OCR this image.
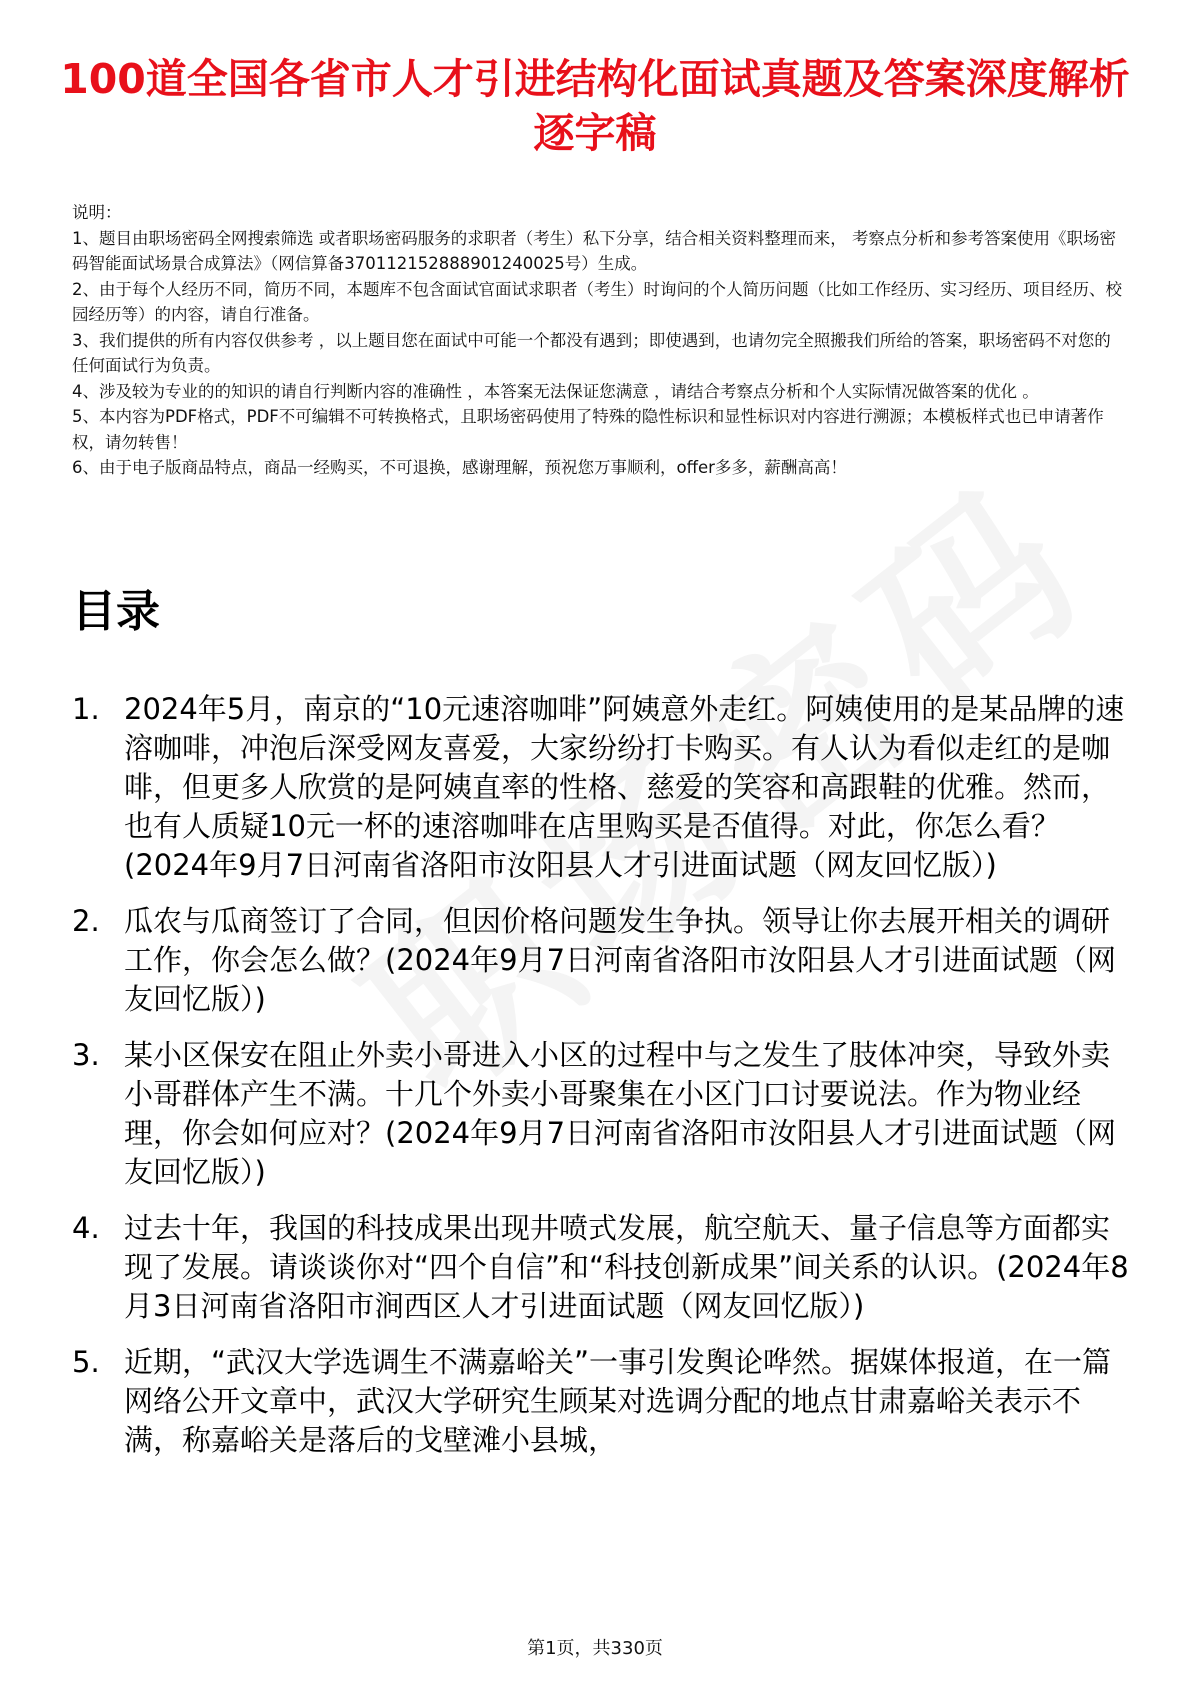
100道全国各省市人才引进结构化面试真题及答案深度解析逐字稿

说明：

1、题目由职场密码全网搜索筛选 或者职场密码服务的求职者（考生）私下分享，结合相关资料整理而来， 考察点分析和参考答案使用《职场密码智能面试场景合成算法》（网信算备370112152888901240025号）生成。

2、由于每个人经历不同，简历不同，本题库不包含面试官面试求职者（考生）时询问的个人简历问题（比如工作经历、实习经历、项目经历、校园经历等）的内容，请自行准备。

3、我们提供的所有内容仅供参考 ，以上题目您在面试中可能一个都没有遇到；即使遇到，也请勿完全照搬我们所给的答案，职场密码不对您的任何面试行为负责。

4、涉及较为专业的的知识的请自行判断内容的准确性 ，本答案无法保证您满意 ，请结合考察点分析和个人实际情况做答案的优化 。

5、本内容为PDF格式，PDF不可编辑不可转换格式，且职场密码使用了特殊的隐性标识和显性标识对内容进行溯源；本模板样式也已申请著作权，请勿转售！

6、由于电子版商品特点，商品一经购买，不可退换，感谢理解，预祝您万事顺利，offer多多，薪酬高高！

目录
1. 2024年5月，南京的“10元速溶咖啡”阿姨意外走红。阿姨使用的是某品牌的速溶咖啡，冲泡后深受网友喜爱，大家纷纷打卡购买。有人认为看似走红的是咖啡，但更多人欣赏的是阿姨直率的性格、慈爱的笑容和高跟鞋的优雅。然而，也有人质疑10元一杯的速溶咖啡在店里购买是否值得。对此，你怎么看？(2024年9月7日河南省洛阳市汝阳县人才引进面试题（网友回忆版）)
2. 瓜农与瓜商签订了合同，但因价格问题发生争执。领导让你去展开相关的调研工作，你会怎么做？(2024年9月7日河南省洛阳市汝阳县人才引进面试题（网友回忆版）)
3. 某小区保安在阻止外卖小哥进入小区的过程中与之发生了肢体冲突，导致外卖小哥群体产生不满。十几个外卖小哥聚集在小区门口讨要说法。作为物业经理，你会如何应对？(2024年9月7日河南省洛阳市汝阳县人才引进面试题（网友回忆版）)
4. 过去十年，我国的科技成果出现井喷式发展，航空航天、量子信息等方面都实现了发展。请谈谈你对“四个自信”和“科技创新成果”间关系的认识。(2024年8月3日河南省洛阳市涧西区人才引进面试题（网友回忆版）)
5. 近期，“武汉大学选调生不满嘉峪关”一事引发舆论哗然。据媒体报道，在一篇网络公开文章中，武汉大学研究生顾某对选调分配的地点甘肃嘉峪关表示不满，称嘉峪关是落后的戈壁滩小县城，
第1页，共330页
